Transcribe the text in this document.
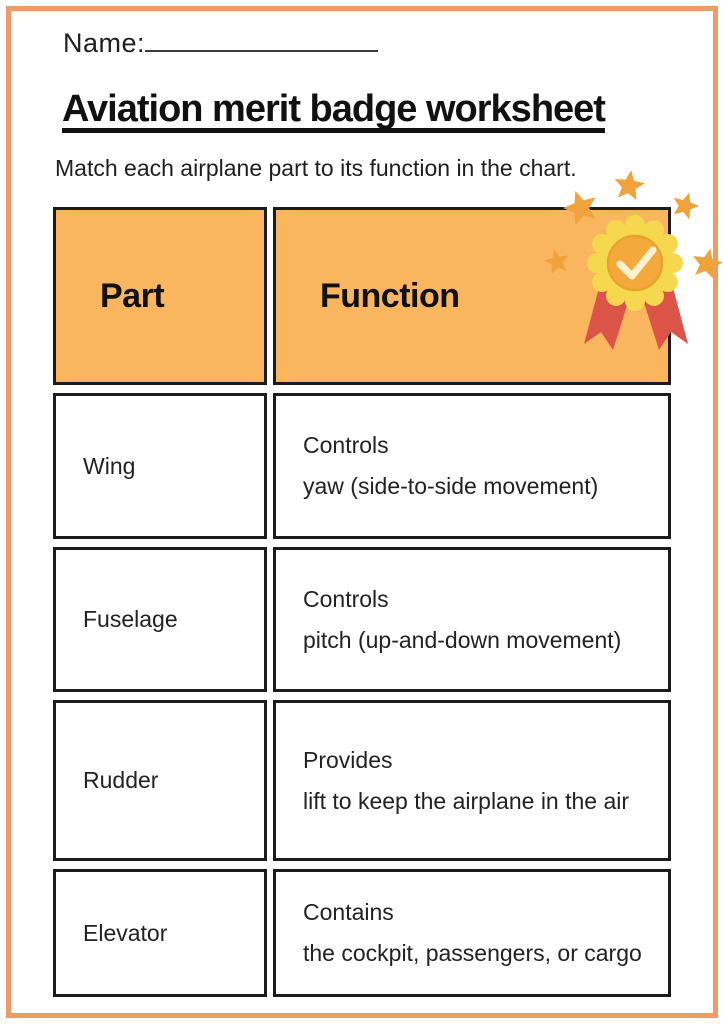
Name:
Aviation merit badge worksheet

Match each airplane part to its function in the chart.

Part	Function
Wing
Controls
yaw (side-to-side movement)
Fuselage
Controls
pitch (up-and-down movement)
Rudder
Provides
lift to keep the airplane in the air
Elevator
Contains
the cockpit, passengers, or cargo
